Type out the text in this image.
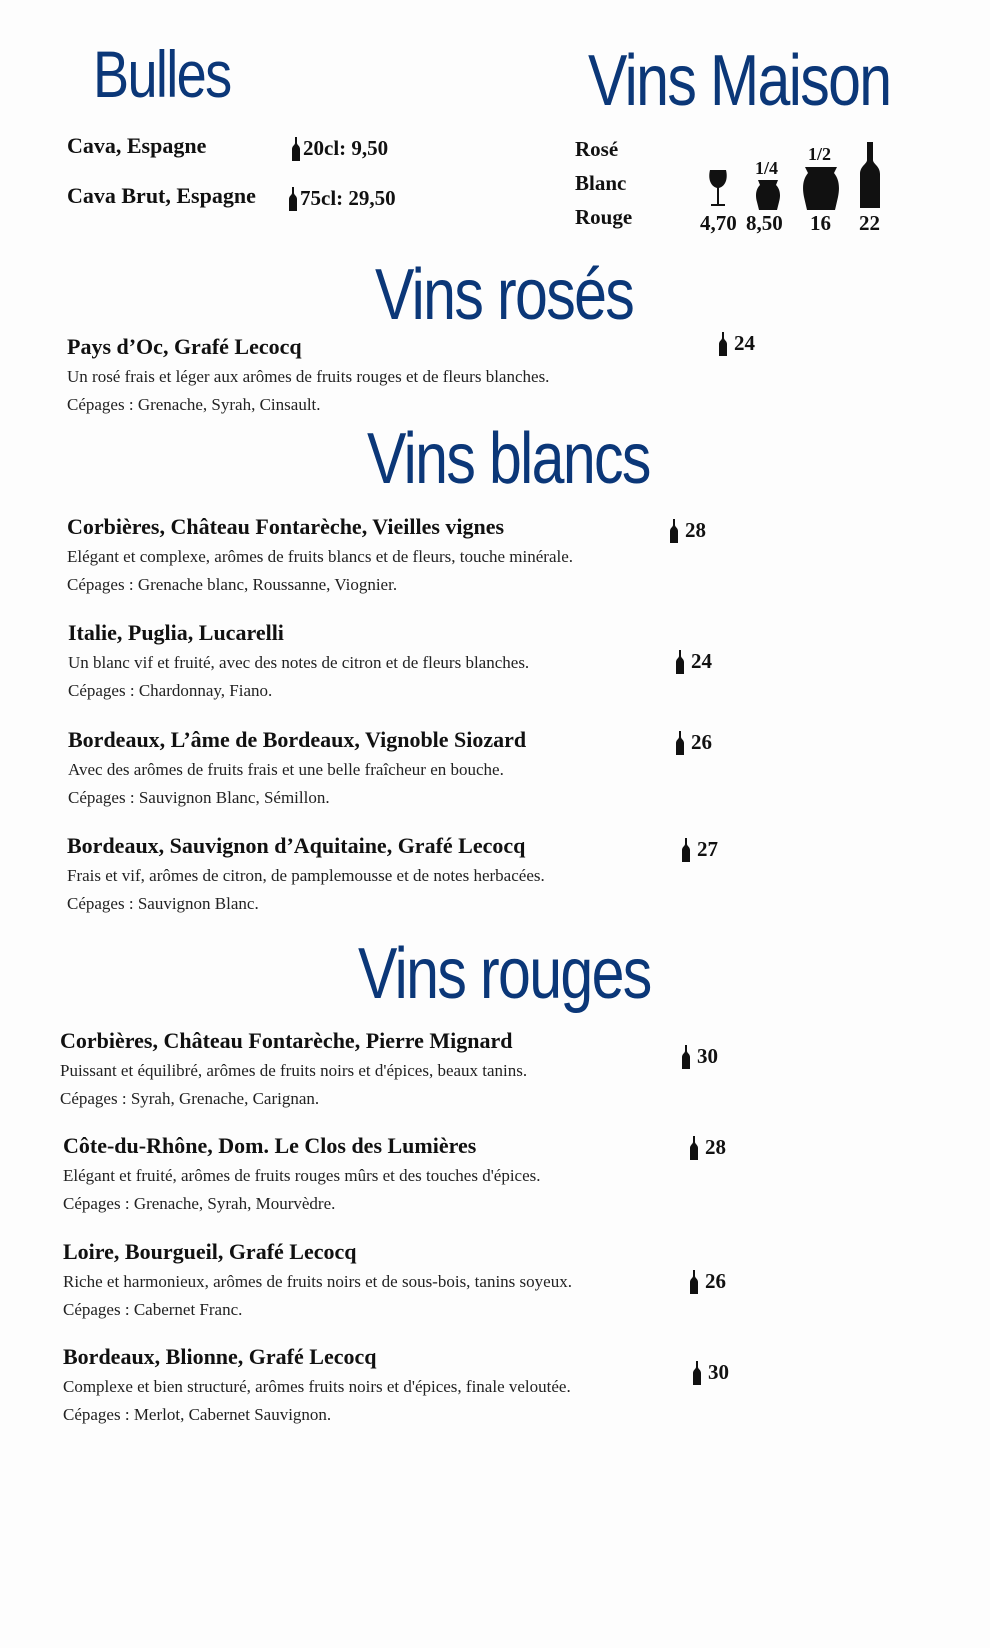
Bulles
Cava, Espagne	20cl: 9,50
Cava Brut, Espagne 75cl: 29,50
Vins Maison
Rosé
Blanc
Rouge
1/4
1/2
4,70 8,50 16 22
Vins rosés
Vins blancs
Vins rouges
Pays d’Oc, Grafé Lecocq
Un rosé frais et léger aux arômes de fruits rouges et de fleurs blanches.
Cépages : Grenache, Syrah, Cinsault.
24
Corbières, Château Fontarèche, Vieilles vignes
Elégant et complexe, arômes de fruits blancs et de fleurs, touche minérale.
Cépages : Grenache blanc, Roussanne, Viognier.
28
Italie, Puglia, Lucarelli
Un blanc vif et fruité, avec des notes de citron et de fleurs blanches.
Cépages : Chardonnay, Fiano.
24
Bordeaux, L’âme de Bordeaux, Vignoble Siozard
Avec des arômes de fruits frais et une belle fraîcheur en bouche.
Cépages : Sauvignon Blanc, Sémillon.
26
Bordeaux, Sauvignon d’Aquitaine, Grafé Lecocq
Frais et vif, arômes de citron, de pamplemousse et de notes herbacées.
Cépages : Sauvignon Blanc.
27
Corbières, Château Fontarèche, Pierre Mignard
Puissant et équilibré, arômes de fruits noirs et d'épices, beaux tanins.
Cépages : Syrah, Grenache, Carignan.
30
Côte-du-Rhône, Dom. Le Clos des Lumières
Elégant et fruité, arômes de fruits rouges mûrs et des touches d'épices.
Cépages : Grenache, Syrah, Mourvèdre.
28
Loire, Bourgueil, Grafé Lecocq
Riche et harmonieux, arômes de fruits noirs et de sous-bois, tanins soyeux.
Cépages : Cabernet Franc.
26
Bordeaux, Blionne, Grafé Lecocq
Complexe et bien structuré, arômes fruits noirs et d'épices, finale veloutée.
Cépages : Merlot, Cabernet Sauvignon.
30
